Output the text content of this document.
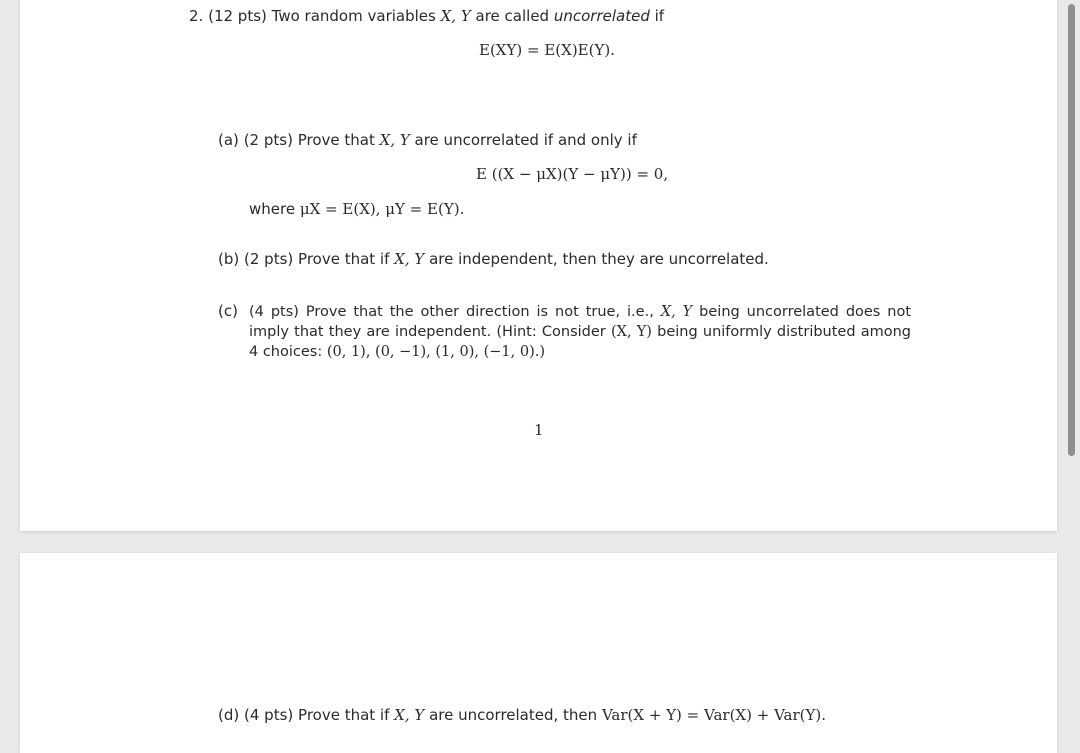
2. (12 pts) Two random variables X, Y are called uncorrelated if
E(XY) = E(X)E(Y).
(a) (2 pts) Prove that X, Y are uncorrelated if and only if
E ((X − μX)(Y − μY)) = 0,
where μX = E(X), μY = E(Y).
(b) (2 pts) Prove that if X, Y are independent, then they are uncorrelated.
(c) (4 pts) Prove that the other direction is not true, i.e., X, Y being uncorrelated does not imply that they are independent. (Hint: Consider (X, Y) being uniformly distributed among 4 choices: (0, 1), (0, −1), (1, 0), (−1, 0).)
1
(d) (4 pts) Prove that if X, Y are uncorrelated, then Var(X + Y) = Var(X) + Var(Y).
